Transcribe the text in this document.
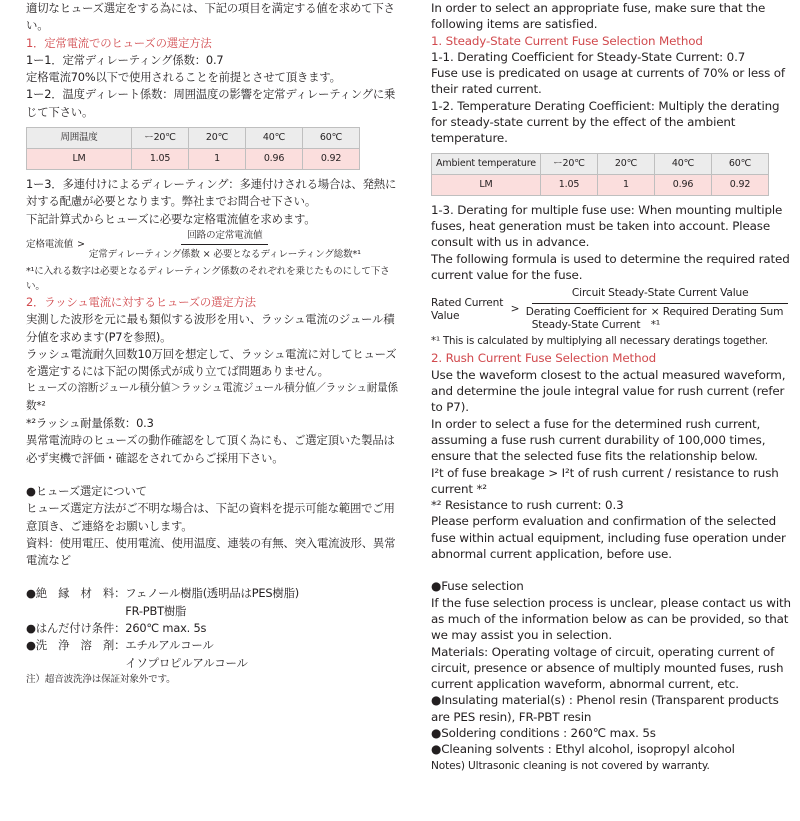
適切なヒューズ選定をする為には、下記の項目を満定する値を求めて下さい。

1．定常電流でのヒューズの選定方法

1ー1．定常ディレーティング係数：0.7

定格電流70%以下で使用されることを前提とさせて頂きます。

1ー2．温度ディレート係数：周囲温度の影響を定常ディレーティングに乗じて下さい。

周囲温度	ー20℃	20℃	40℃	60℃
LM	1.05	1	0.96	0.92

1ー3．多連付けによるディレーティング：多連付けされる場合は、発熱に対する配慮が必要となります。弊社までお問合せ下さい。

下記計算式からヒューズに必要な定格電流値を求めます。

定格電流値 > $\frac{\text{回路の定常電流値}}{\text{定常ディレーティング係数 × 必要となるディレーティング総数*¹}}$

*¹に入れる数字は必要となるディレーティング係数のそれぞれを乗じたものにして下さい。

2．ラッシュ電流に対するヒューズの選定方法

実測した波形を元に最も類似する波形を用い、ラッシュ電流のジュール積分値を求めます(P7を参照)。

ラッシュ電流耐久回数10万回を想定して、ラッシュ電流に対してヒューズを選定するには下記の関係式が成り立てば問題ありません。

ヒューズの溶断ジュール積分値＞ラッシュ電流ジュール積分値／ラッシュ耐量係数*²

*²ラッシュ耐量係数：0.3

異常電流時のヒューズの動作確認をして頂く為にも、ご選定頂いた製品は必ず実機で評価・確認をされてからご採用下さい。

●ヒューズ選定について

ヒューズ選定方法がご不明な場合は、下記の資料を提示可能な範囲でご用意頂き、ご連絡をお願いします。

資料：使用電圧、使用電流、使用温度、連装の有無、突入電流波形、異常電流など

●絶　縁　材　料： フェノール樹脂(透明品はPES樹脂)
FR-PBT樹脂
●はんだ付け条件： 260℃ max. 5s
●洗　浄　溶　剤： エチルアルコール
イソプロピルアルコール

注）超音波洗浄は保証対象外です。

In order to select an appropriate fuse, make sure that the following items are satisfied.

1. Steady-State Current Fuse Selection Method

1-1. Derating Coefficient for Steady-State Current: 0.7

Fuse use is predicated on usage at currents of 70% or less of their rated current.

1-2. Temperature Derating Coefficient: Multiply the derating for steady-state current by the effect of the ambient temperature.

Ambient temperature	ー20℃	20℃	40℃	60℃
LM	1.05	1	0.96	0.92

1-3. Derating for multiple fuse use: When mounting multiple fuses, heat generation must be taken into account. Please consult with us in advance.

The following formula is used to determine the required rated current value for the fuse.

Rated Current Value
>
Circuit Steady-State Current Value
Derating Coefficient for Steady-State Current
× Required Derating Sum *¹

*¹ This is calculated by multiplying all necessary deratings together.

2. Rush Current Fuse Selection Method

Use the waveform closest to the actual measured waveform, and determine the joule integral value for rush current (refer to P7).

In order to select a fuse for the determined rush current, assuming a fuse rush current durability of 100,000 times, ensure that the selected fuse fits the relationship below.

I²t of fuse breakage > I²t of rush current / resistance to rush current *²

*² Resistance to rush current: 0.3

Please perform evaluation and confirmation of the selected fuse within actual equipment, including fuse operation under abnormal current application, before use.

●Fuse selection

If the fuse selection process is unclear, please contact us with as much of the information below as can be provided, so that we may assist you in selection.

Materials: Operating voltage of circuit, operating current of circuit, presence or absence of multiply mounted fuses, rush current application waveform, abnormal current, etc.

●Insulating material(s) : Phenol resin (Transparent products are PES resin), FR-PBT resin

●Soldering conditions : 260℃ max. 5s

●Cleaning solvents : Ethyl alcohol, isopropyl alcohol

Notes) Ultrasonic cleaning is not covered by warranty.
